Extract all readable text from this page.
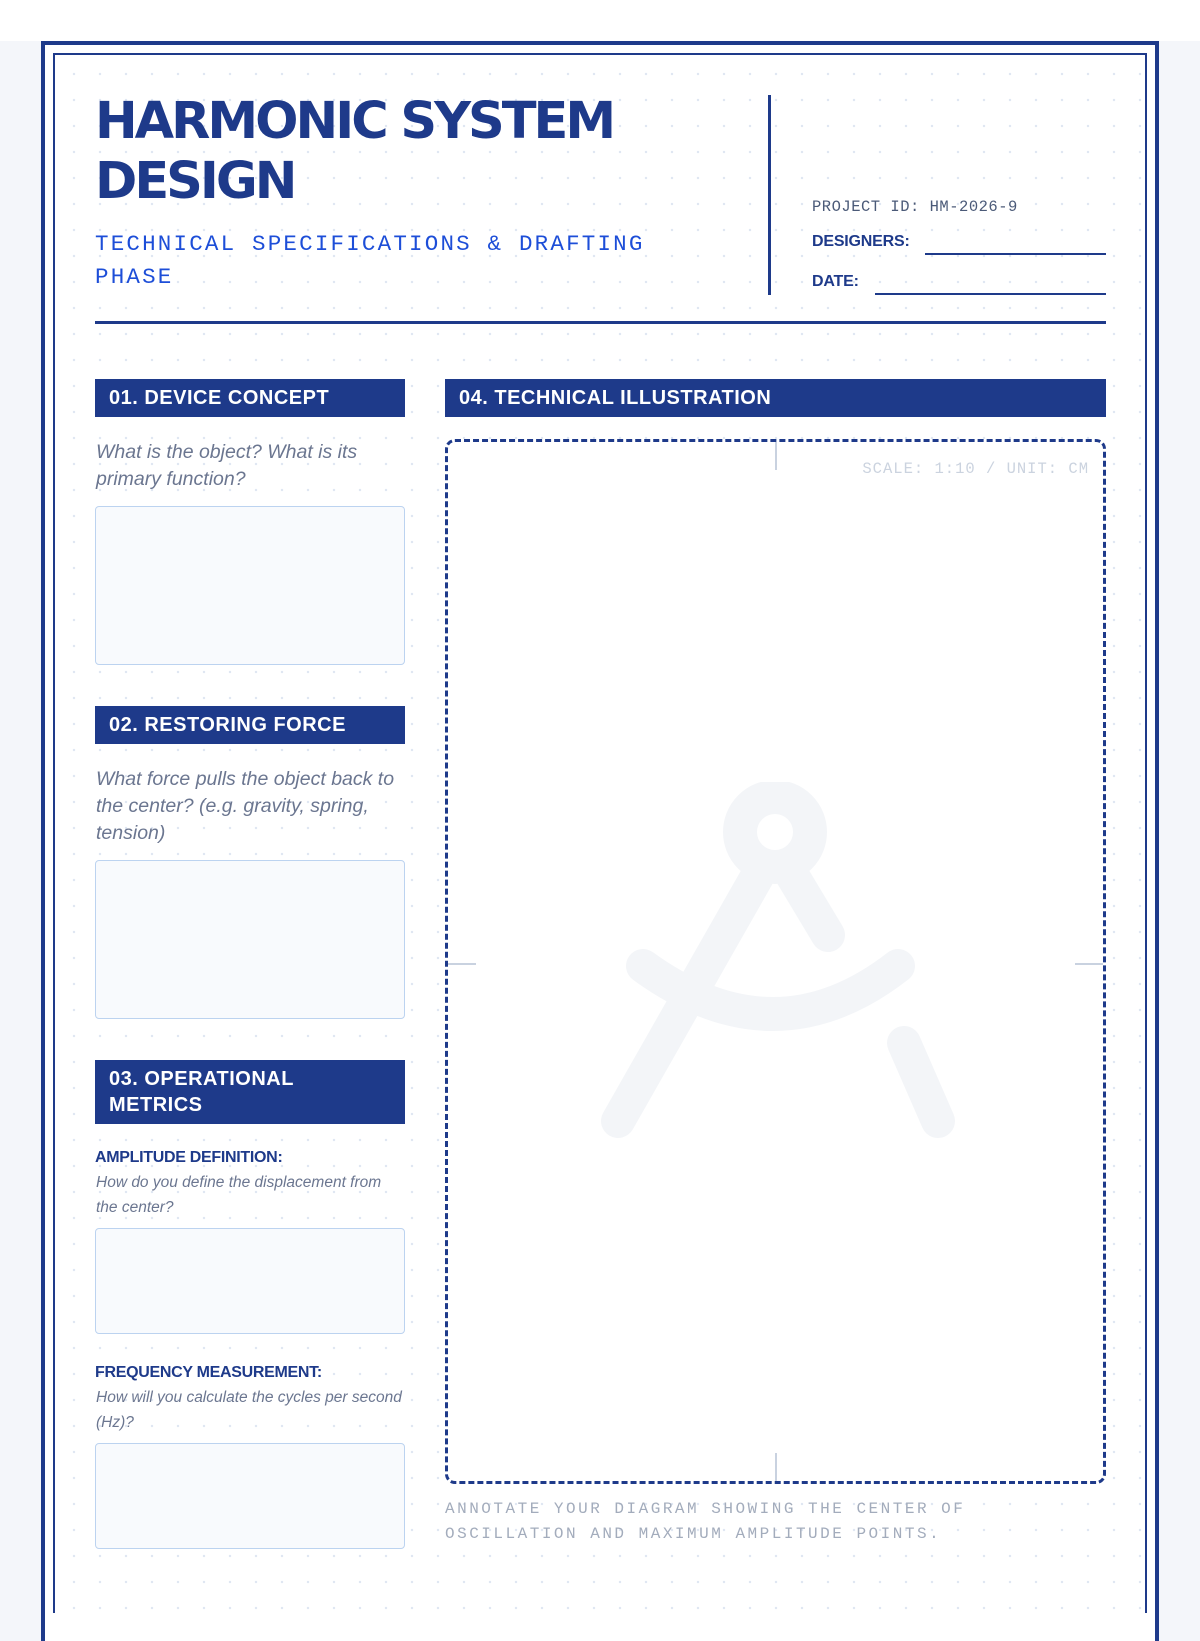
HARMONIC SYSTEM DESIGN
TECHNICAL SPECIFICATIONS & DRAFTING PHASE
PROJECT ID: HM-2026-9
DESIGNERS:
DATE:
01. DEVICE CONCEPT
What is the object? What is its primary function?
02. RESTORING FORCE
What force pulls the object back to the center? (e.g. gravity, spring, tension)
03. OPERATIONAL METRICS
AMPLITUDE DEFINITION:
How do you define the displacement from the center?
FREQUENCY MEASUREMENT:
How will you calculate the cycles per second (Hz)?
04. TECHNICAL ILLUSTRATION
SCALE: 1:10 / UNIT: CM
ANNOTATE YOUR DIAGRAM SHOWING THE CENTER OF OSCILLATION AND MAXIMUM AMPLITUDE POINTS.
